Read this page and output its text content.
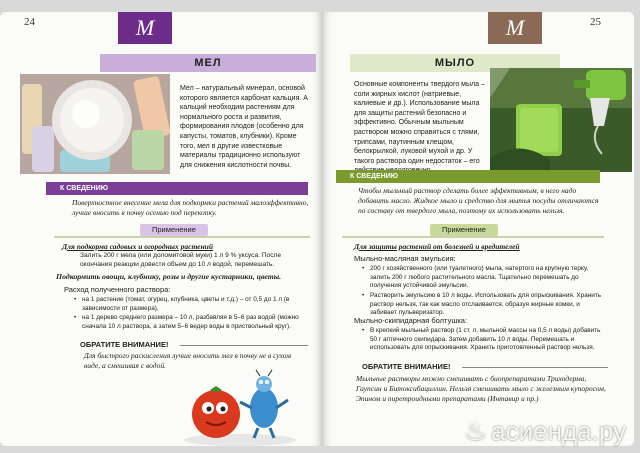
24	М
МЕЛ
Мел – натуральный минерал, основой которого является карбонат кальция. А кальций необходим растениям для нормального роста и развития, формирования плодов (особенно для капусты, томатов, клубники). Кроме того, мел в другие известковые материалы традиционно используют для снижения кислотности почвы.
К СВЕДЕНИЮ
Поверхностное внесение мела для подкормки растений малоэффективно, лучше вносить в почву осенью под перекопку.
Применение
Для подкорма садовых и огородных растений
Залить 200 г мела (или доломитовой муки) 1 л 9 % уксуса. После окончания реакции довести объем до 10 л водой, перемешать.
Подкормить овощи, клубнику, розы и другие кустарники, цветы.
Расход полученного раствора:
• на 1 растение (томат, огурец, клубника, цветы и т.д.) – от 0,5 до 1 л (в зависимости от размера),
• на 1 дерево среднего размера – 10 л, разбавляя в 5–6 раз водой (можно сначала 10 л раствора, а затем 5–6 ведер воды в приствольный круг).
ОБРАТИТЕ ВНИМАНИЕ!
Для быстрого раскисления лучше вносить мел в почву не в сухом виде, а смешивая с водой.
25
М
МЫЛО
Основные компоненты твердого мыла – соли жирных кислот (натриевые, калиевые и др.). Использование мыла для защиты растений безопасно и эффективно. Обычным мыльным раствором можно справиться с тлями, трипсами, паутинным клещом, белокрылкой, луковой мухой и др. У такого раствора один недостаток – его
К СВЕДЕНИЮ
Чтобы мыльный раствор сделать более эффективным, в него надо добавить масло. Жидкое мыло и средство для мытья посуды отличаются по составу от твердого мыла, поэтому их использовать нельзя.
Применение
Для защиты растений от болезней и вредителей
Мыльно-масляная эмульсия:
• 200 г хозяйственного (или туалетного) мыла, натертого на крупную терку, залить 200 г любого растительного масла. Тщательно перемешать до получения устойчивой эмульсии.
• Растворить эмульсию в 10 л воды. Использовать для опрыскивания. Хранить раствор нельзя, так как масло отслаивается, образуя жирные комки, и забивает пульверизатор.
Мыльно-скипидарная болтушка:
• В крепкий мыльный раствор (1 ст. л. мыльной массы на 0,5 л воды) добавить 50 г аптечного скипидара. Затем добавить 10 л воды. Перемешать и использовать для опрыскивания. Хранить приготовленный раствор нельзя.
ОБРАТИТЕ ВНИМАНИЕ!
Мыльные растворы можно смешивать с биопрепаратами Триходерма, Гаупсин и Битоксибациллин. Нельзя смешивать мыло с железным купоросом, Эпином и пиретроидными препаратами (Интавир и пр.)
♨ асиенда.ру
